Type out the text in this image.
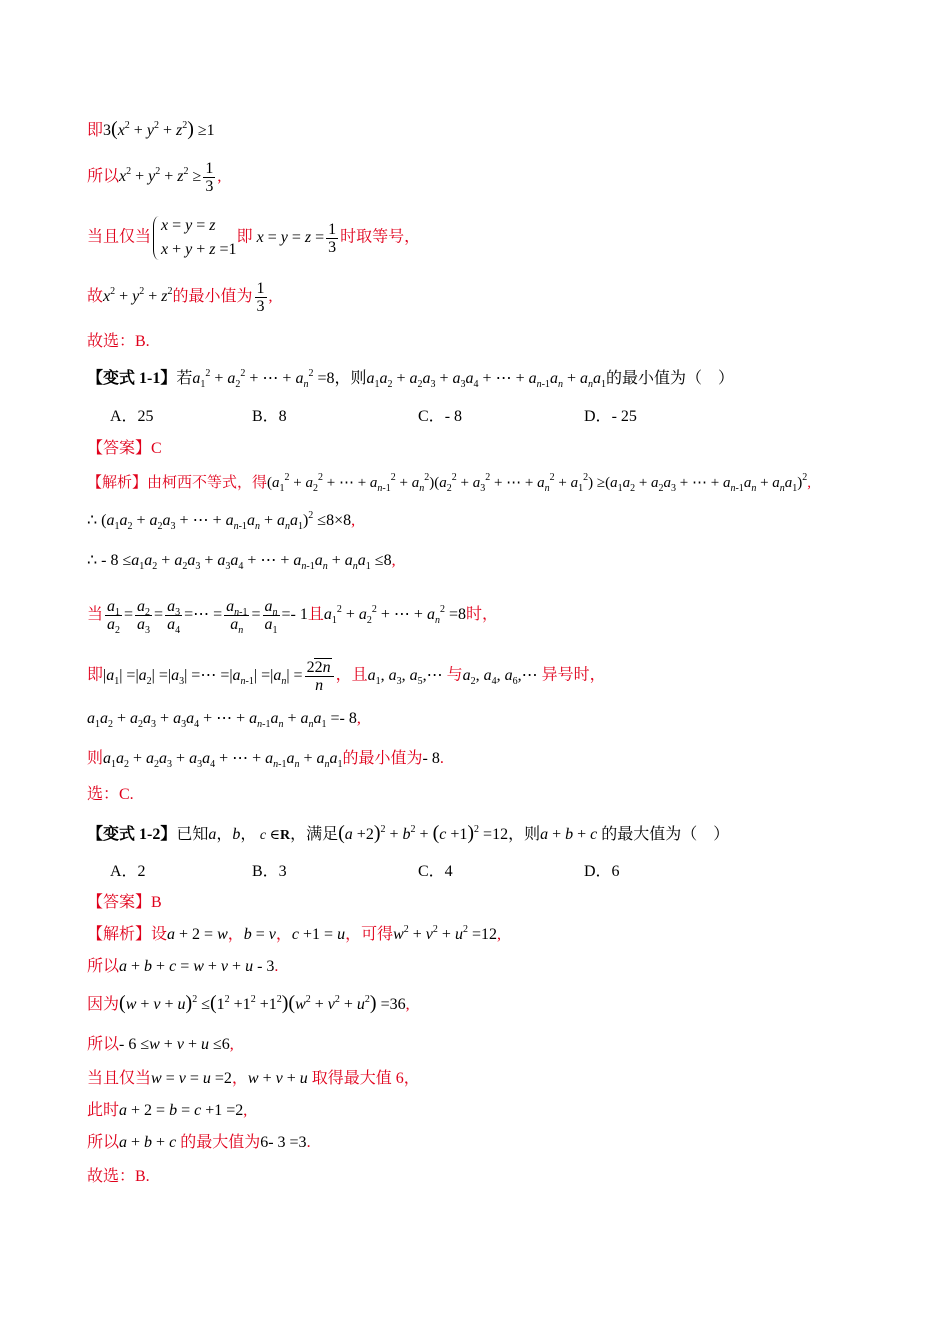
即$3(x^2 + y^2 + z^2) \ge 1$
所以$x^2 + y^2 + z^2 \ge \frac{1}{3}$ ,
当且仅当
x = y = z
x + y + z =1
即 $x = y = z = \frac{1}{3}$ 时取等号，
故$x^2 + y^2 + z^2$的最小值为 $\frac{1}{3}$ ,
故选：B.
【变式 1-1】若$a_1^2 + a_2^2$ + ⋯ + $a_n^2 =8$，则$a_1a_2 + a_2a_3 + a_3a_4$ + ⋯ + $a_{n-1}a_n + a_na_1$的最小值为（　）
A．25	B．8	C．- 8	D．- 25
【答案】C
【解析】由柯西不等式，得($a_1^2 + a_2^2$ + ⋯ + $a_{n-1}^2 + a_n^2)(a_2^2 + a_3^2$ + ⋯ + $a_n^2 + a_1^2) \ge(a_1a_2 + a_2a_3$ + ⋯ + $a_{n-1}a_n + a_na_1)^2$,
∴ ($a_1a_2 + a_2a_3$ + ⋯ + $a_{n-1}a_n + a_na_1)^2 \le 8\times 8$,
∴ - $8 \le a_1a_2 + a_2a_3 + a_3a_4$ + ⋯ + $a_{n-1}a_n + a_na_1 \le 8$,
当 $\frac{a_1}{a_2} = \frac{a_2}{a_3} = \frac{a_3}{a_4}$ =⋯ = $\frac{a_{n-1}}{a_n} = \frac{a_n}{a_1} =- 1$且$a_1^2 + a_2^2$ + ⋯ + $a_n^2 =8$时，
即$|a_1| =|a_2| =|a_3|$ =⋯ $=|a_{n-1}| =|a_n| = \frac{22n}{n}$ ，且$a_1$, $a_3$, $a_5,\cdots$ 与$a_2$, $a_4$, $a_6,\cdots$ 异号时，
$a_1a_2 + a_2a_3 + a_3a_4$ + ⋯ + $a_{n-1}a_n + a_na_1 =- 8$,
则$a_1a_2 + a_2a_3 + a_3a_4$ + ⋯ + $a_{n-1}a_n + a_na_1$的最小值为- 8.
选：C.
【变式 1-2】已知a，b， c ∈R，满足$(a +2)^2 + b^2 + (c +1)^2 =12$，则a + b + c 的最大值为（　）
A．2	B．3	C．4	D．6
【答案】B
【解析】设a + 2 = w，b = v，c +1 = u，可得$w^2 + v^2 + u^2 =12$,
所以a + b + c = w + v + u - 3.
因为$(w + v + u)^2 \le(1^2 +1^2 +1^2)(w^2 + v^2 + u^2) =36$,
所以- 6 ≤w + v + u ≤6,
当且仅当w = v = u =2，w + v + u 取得最大值 6，
此时a + 2 = b = c +1 =2,
所以a + b + c 的最大值为6- 3 =3.
故选：B.
